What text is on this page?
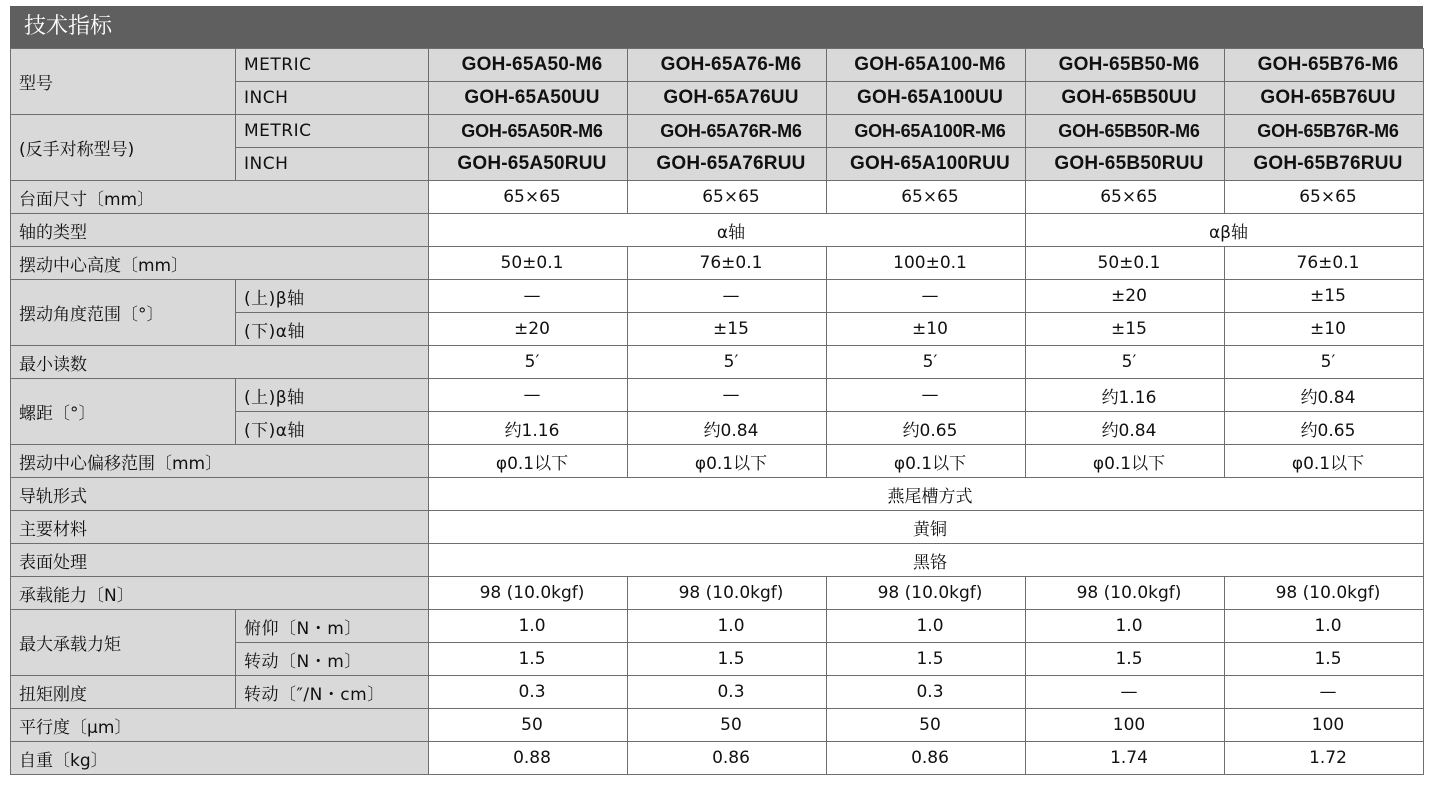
技术指标
型号	METRIC	GOH-65A50-M6	GOH-65A76-M6	GOH-65A100-M6	GOH-65B50-M6	GOH-65B76-M6
	INCH	GOH-65A50UU	GOH-65A76UU	GOH-65A100UU	GOH-65B50UU	GOH-65B76UU
(反手对称型号)	METRIC	GOH-65A50R-M6	GOH-65A76R-M6	GOH-65A100R-M6	GOH-65B50R-M6	GOH-65B76R-M6
	INCH	GOH-65A50RUU	GOH-65A76RUU	GOH-65A100RUU	GOH-65B50RUU	GOH-65B76RUU
台面尺寸〔mm〕		65×65	65×65	65×65	65×65	65×65
轴的类型		α轴			αβ轴	
摆动中心高度〔mm〕		50±0.1	76±0.1	100±0.1	50±0.1	76±0.1
摆动角度范围〔°〕	(上)β轴	—	—	—	±20	±15
	(下)α轴	±20	±15	±10	±15	±10
最小读数		5′	5′	5′	5′	5′
螺距〔°〕	(上)β轴	—	—	—	约1.16	约0.84
	(下)α轴	约1.16	约0.84	约0.65	约0.84	约0.65
摆动中心偏移范围〔mm〕		φ0.1以下	φ0.1以下	φ0.1以下	φ0.1以下	φ0.1以下
导轨形式		燕尾槽方式				
主要材料		黄铜				
表面处理		黑铬				
承载能力〔N〕		98 (10.0kgf)	98 (10.0kgf)	98 (10.0kgf)	98 (10.0kgf)	98 (10.0kgf)
最大承载力矩	俯仰〔N・m〕	1.0	1.0	1.0	1.0	1.0
	转动〔N・m〕	1.5	1.5	1.5	1.5	1.5
扭矩刚度	转动〔″/N・cm〕	0.3	0.3	0.3	—	—
平行度〔μm〕		50	50	50	100	100
自重〔kg〕		0.88	0.86	0.86	1.74	1.72
